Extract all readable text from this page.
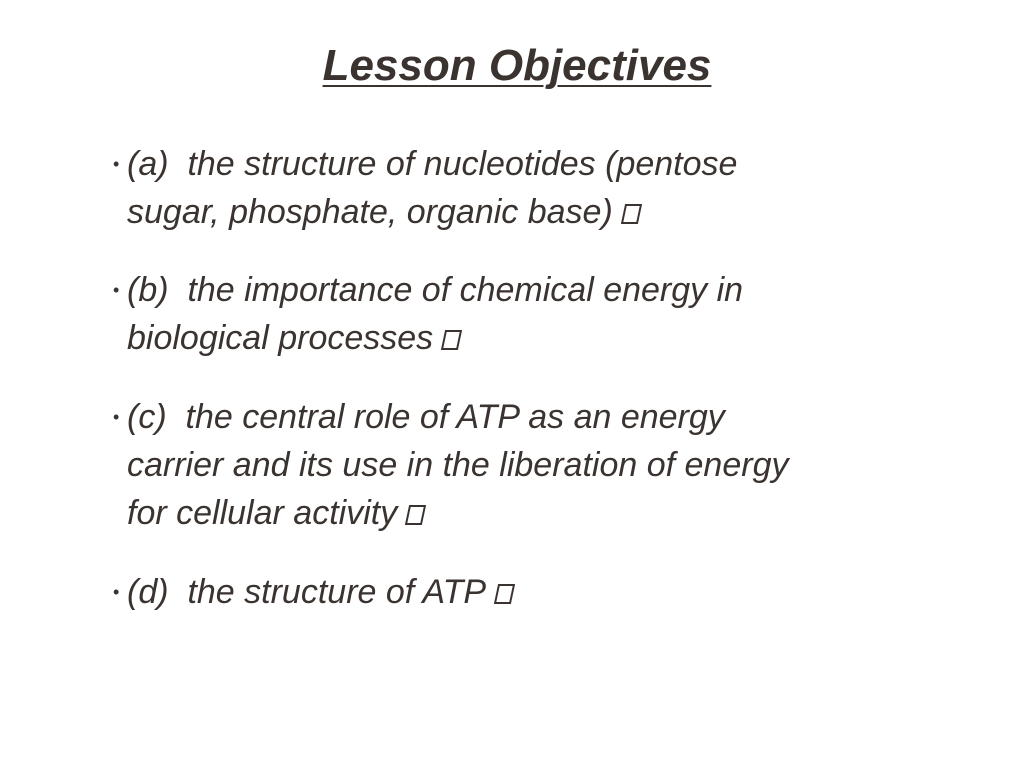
Lesson Objectives
• (a)  the structure of nucleotides (pentose
sugar, phosphate, organic base)
• (b)  the importance of chemical energy in
biological processes
• (c)  the central role of ATP as an energy
carrier and its use in the liberation of energy
for cellular activity
• (d)  the structure of ATP
